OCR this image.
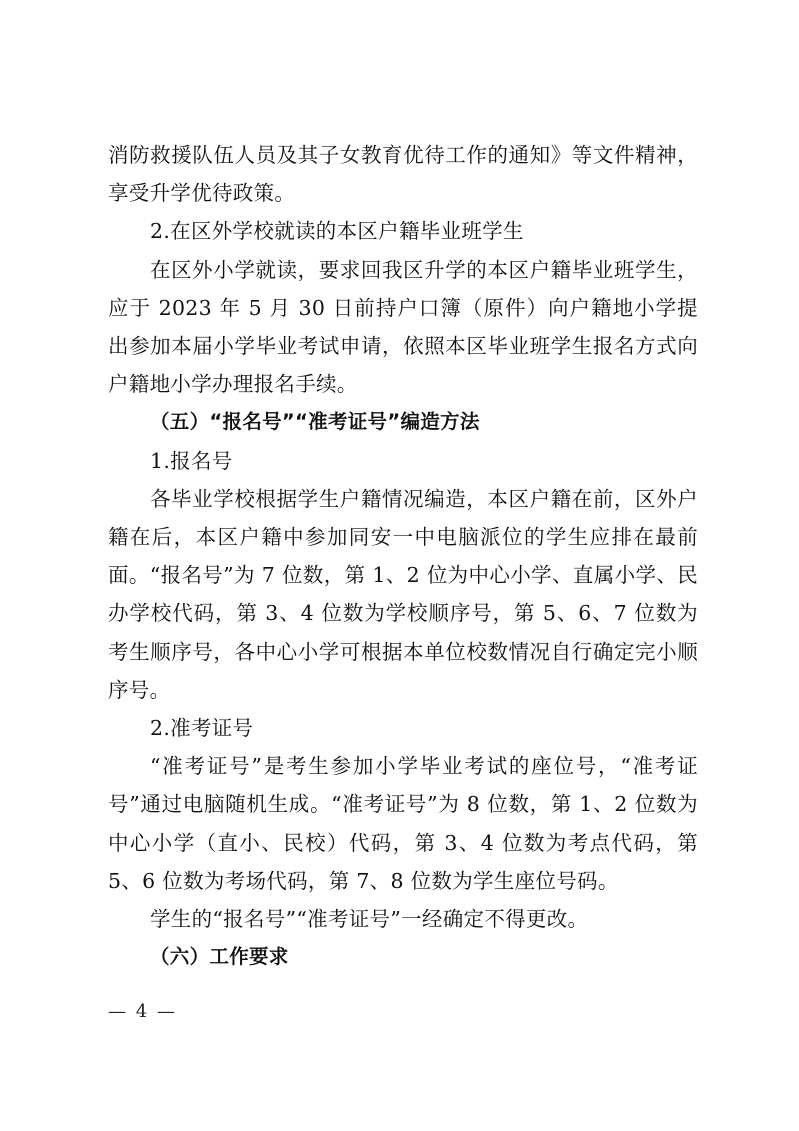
消防救援队伍人员及其子女教育优待工作的通知》等文件精神，享受升学优待政策。

2.在区外学校就读的本区户籍毕业班学生

在区外小学就读，要求回我区升学的本区户籍毕业班学生，应于 2023 年 5 月 30 日前持户口簿（原件）向户籍地小学提出参加本届小学毕业考试申请，依照本区毕业班学生报名方式向户籍地小学办理报名手续。

（五）“报名号”“准考证号”编造方法

1.报名号

各毕业学校根据学生户籍情况编造，本区户籍在前，区外户籍在后，本区户籍中参加同安一中电脑派位的学生应排在最前面。“报名号”为 7 位数，第 1、2 位为中心小学、直属小学、民办学校代码，第 3、4 位数为学校顺序号，第 5、6、7 位数为考生顺序号，各中心小学可根据本单位校数情况自行确定完小顺序号。

2.准考证号

“准考证号”是考生参加小学毕业考试的座位号，“准考证号”通过电脑随机生成。“准考证号”为 8 位数，第 1、2 位数为中心小学（直小、民校）代码，第 3、4 位数为考点代码，第 5、6 位数为考场代码，第 7、8 位数为学生座位号码。

学生的“报名号”“准考证号”一经确定不得更改。

（六）工作要求

— 4 —
